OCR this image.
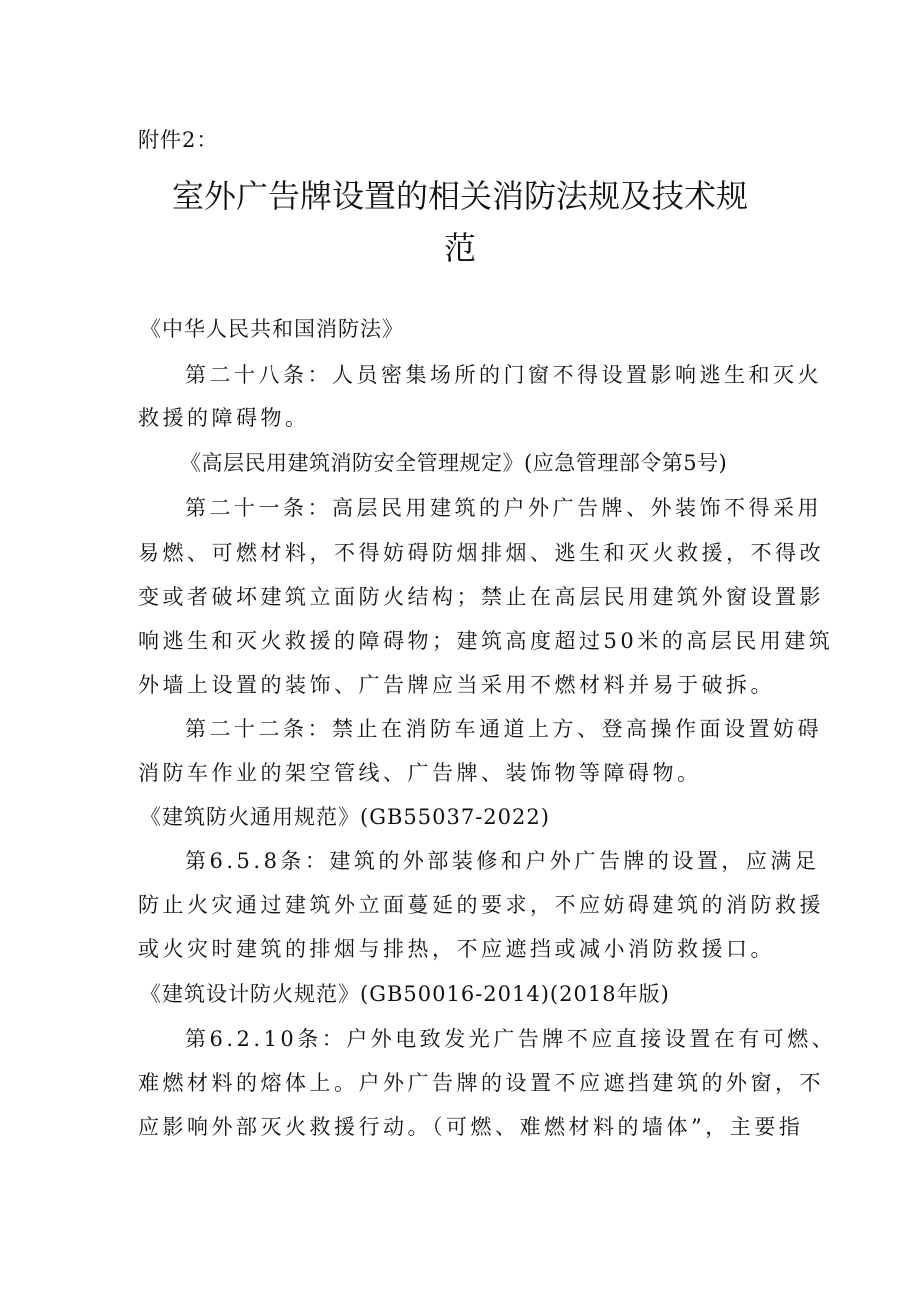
附件2：
室外广告牌设置的相关消防法规及技术规
范
《中华人民共和国消防法》
第二十八条：人员密集场所的门窗不得设置影响逃生和灭火
救援的障碍物。
《高层民用建筑消防安全管理规定》(应急管理部令第5号)
第二十一条：高层民用建筑的户外广告牌、外装饰不得采用
易燃、可燃材料，不得妨碍防烟排烟、逃生和灭火救援，不得改
变或者破坏建筑立面防火结构；禁止在高层民用建筑外窗设置影
响逃生和灭火救援的障碍物；建筑高度超过50米的高层民用建筑
外墙上设置的装饰、广告牌应当采用不燃材料并易于破拆。
第二十二条：禁止在消防车通道上方、登高操作面设置妨碍
消防车作业的架空管线、广告牌、装饰物等障碍物。
《建筑防火通用规范》(GB55037-2022)
第6.5.8条：建筑的外部装修和户外广告牌的设置，应满足
防止火灾通过建筑外立面蔓延的要求，不应妨碍建筑的消防救援
或火灾时建筑的排烟与排热，不应遮挡或减小消防救援口。
《建筑设计防火规范》(GB50016-2014)(2018年版)
第6.2.10条：户外电致发光广告牌不应直接设置在有可燃、
难燃材料的熔体上。户外广告牌的设置不应遮挡建筑的外窗，不
应影响外部灭火救援行动。（可燃、难燃材料的墙体”，主要指
